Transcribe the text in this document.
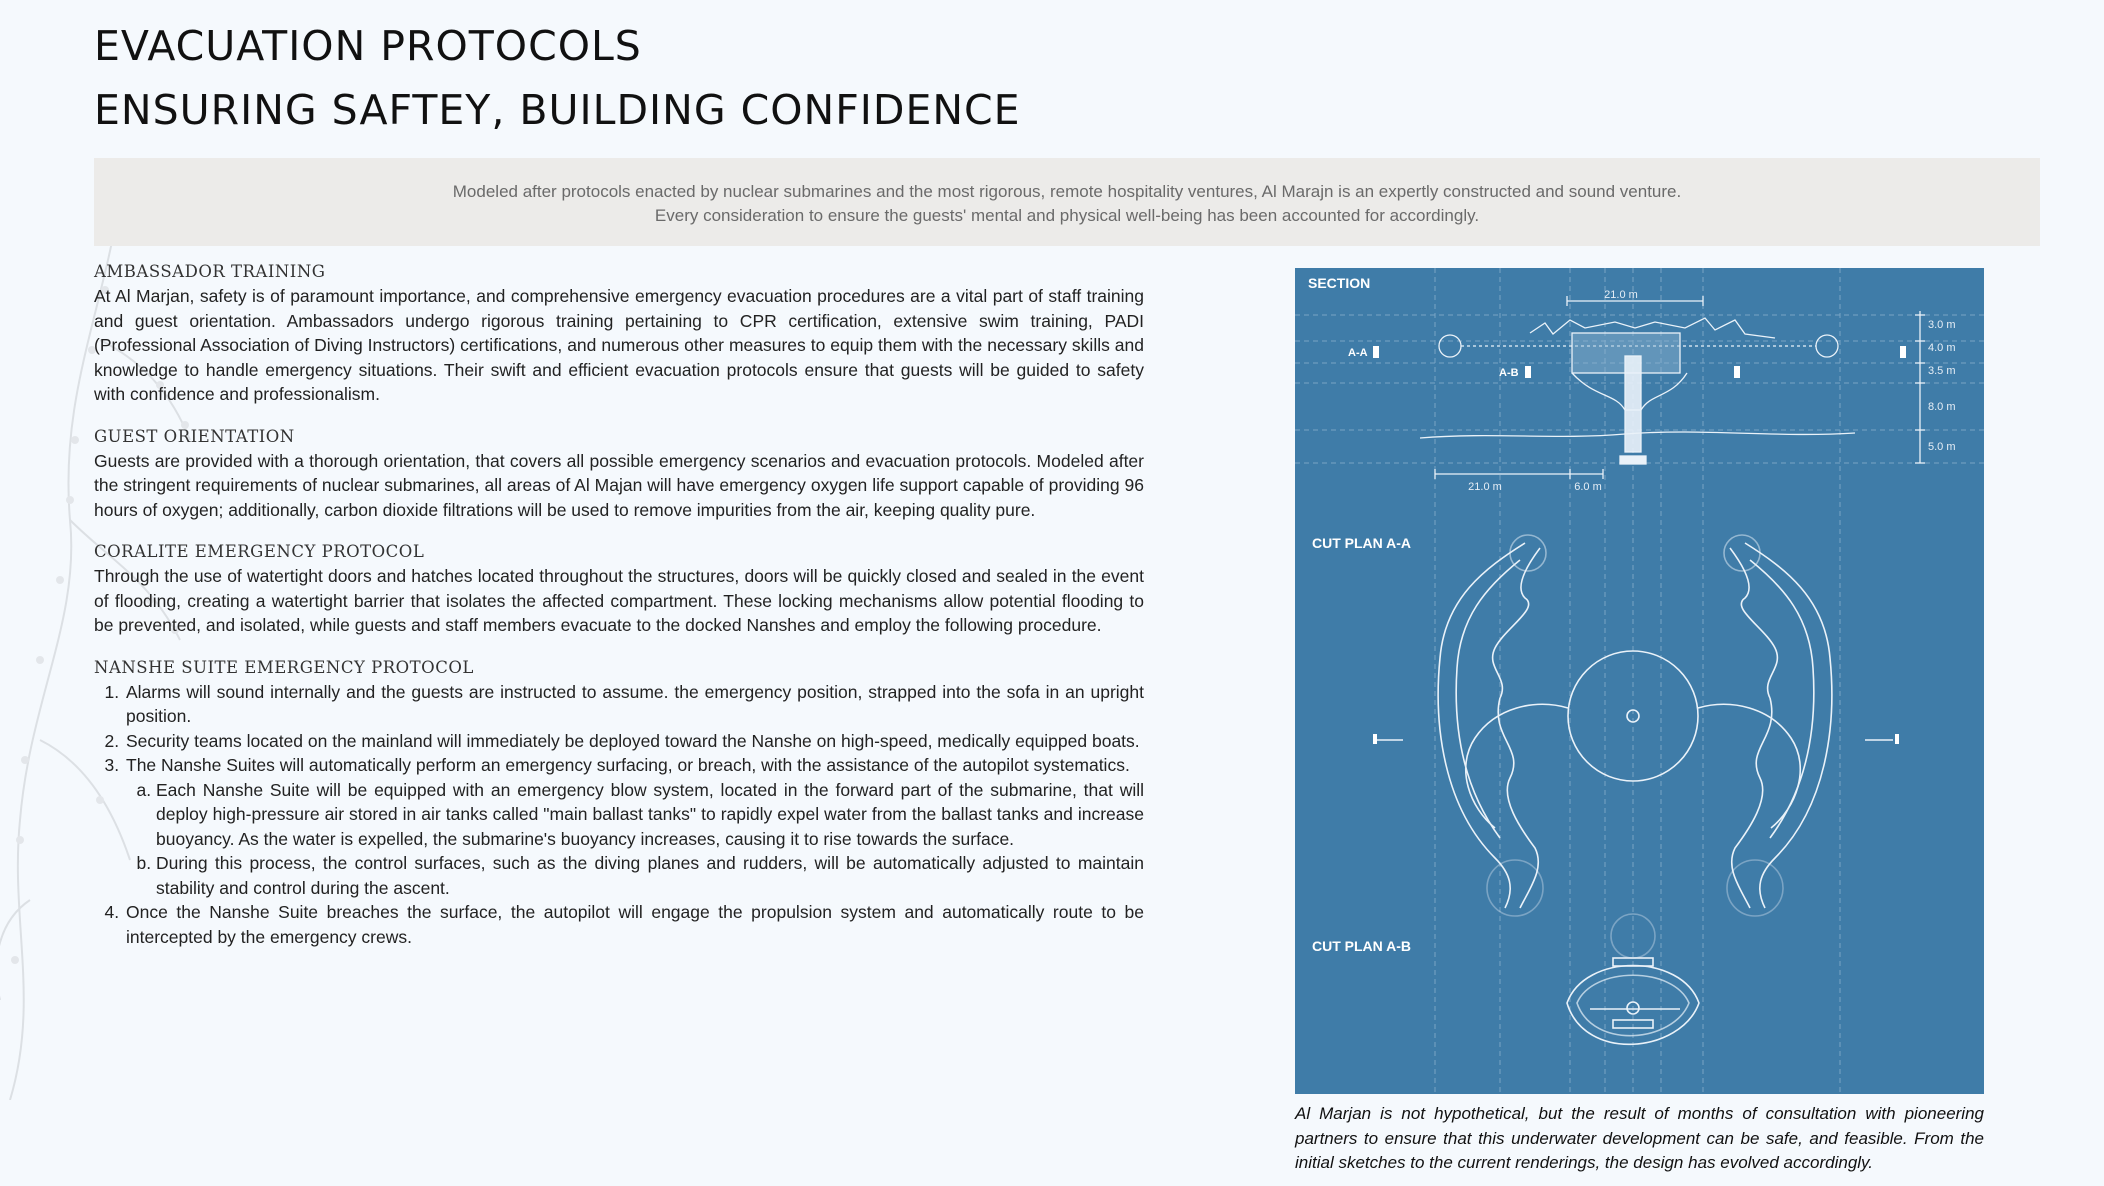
EVACUATION PROTOCOLS
ENSURING SAFTEY, BUILDING CONFIDENCE
Modeled after protocols enacted by nuclear submarines and the most rigorous, remote hospitality ventures, Al Marajn is an expertly constructed and sound venture.
Every consideration to ensure the guests' mental and physical well-being has been accounted for accordingly.
AMBASSADOR TRAINING

At Al Marjan, safety is of paramount importance, and comprehensive emergency evacuation procedures are a vital part of staff training and guest orientation. Ambassadors undergo rigorous training pertaining to CPR certification, extensive swim training, PADI (Professional Association of Diving Instructors) certifications, and numerous other measures to equip them with the necessary skills and knowledge to handle emergency situations. Their swift and efficient evacuation protocols ensure that guests will be guided to safety with confidence and professionalism.

GUEST ORIENTATION

Guests are provided with a thorough orientation, that covers all possible emergency scenarios and evacuation protocols. Modeled after the stringent requirements of nuclear submarines, all areas of Al Majan will have emergency oxygen life support capable of providing 96 hours of oxygen; additionally, carbon dioxide filtrations will be used to remove impurities from the air, keeping quality pure.

CORALITE EMERGENCY PROTOCOL

Through the use of watertight doors and hatches located throughout the structures, doors will be quickly closed and sealed in the event of flooding, creating a watertight barrier that isolates the affected compartment. These locking mechanisms allow potential flooding to be prevented, and isolated, while guests and staff members evacuate to the docked Nanshes and employ the following procedure.

NANSHE SUITE EMERGENCY PROTOCOL
1. Alarms will sound internally and the guests are instructed to assume. the emergency position, strapped into the sofa in an upright position.
2. Security teams located on the mainland will immediately be deployed toward the Nanshe on high-speed, medically equipped boats.
3. The Nanshe Suites will automatically perform an emergency surfacing, or breach, with the assistance of the autopilot systematics.
a. Each Nanshe Suite will be equipped with an emergency blow system, located in the forward part of the submarine, that will deploy high-pressure air stored in air tanks called "main ballast tanks" to rapidly expel water from the ballast tanks and increase buoyancy. As the water is expelled, the submarine's buoyancy increases, causing it to rise towards the surface.
b. During this process, the control surfaces, such as the diving planes and rudders, will be automatically adjusted to maintain stability and control during the ascent.
4. Once the Nanshe Suite breaches the surface, the autopilot will engage the propulsion system and automatically route to be intercepted by the emergency crews.
SECTION
A-A
A-B
21.0 m
21.0 m	6.0 m
3.0 m
4.0 m
3.5 m
8.0 m
5.0 m
CUT PLAN A-A
CUT PLAN A-B

Al Marjan is not hypothetical, but the result of months of consultation with pioneering partners to ensure that this underwater development can be safe, and feasible. From the initial sketches to the current renderings, the design has evolved accordingly.
